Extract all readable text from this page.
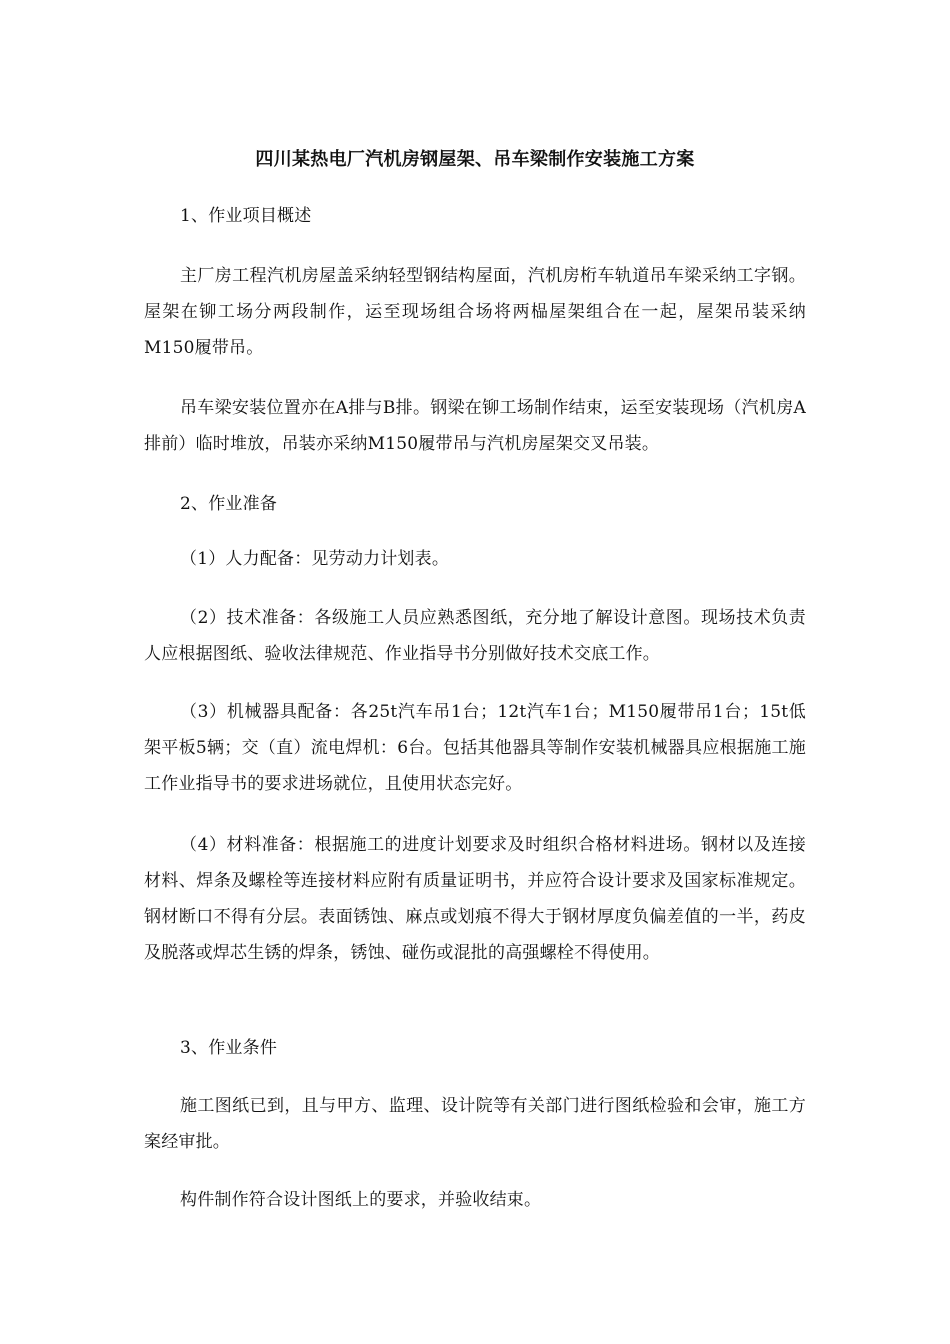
四川某热电厂汽机房钢屋架、吊车梁制作安装施工方案
1、作业项目概述
主厂房工程汽机房屋盖采纳轻型钢结构屋面，汽机房桁车轨道吊车梁采纳工字钢。屋架在铆工场分两段制作，运至现场组合场将两榀屋架组合在一起，屋架吊装采纳M150履带吊。
吊车梁安装位置亦在A排与B排。钢梁在铆工场制作结束，运至安装现场（汽机房A排前）临时堆放，吊装亦采纳M150履带吊与汽机房屋架交叉吊装。
2、作业准备
（1）人力配备：见劳动力计划表。
（2）技术准备：各级施工人员应熟悉图纸，充分地了解设计意图。现场技术负责人应根据图纸、验收法律规范、作业指导书分别做好技术交底工作。
（3）机械器具配备：各25t汽车吊1台；12t汽车1台；M150履带吊1台；15t低架平板5辆；交（直）流电焊机：6台。包括其他器具等制作安装机械器具应根据施工施工作业指导书的要求进场就位，且使用状态完好。
（4）材料准备：根据施工的进度计划要求及时组织合格材料进场。钢材以及连接材料、焊条及螺栓等连接材料应附有质量证明书，并应符合设计要求及国家标准规定。钢材断口不得有分层。表面锈蚀、麻点或划痕不得大于钢材厚度负偏差值的一半，药皮及脱落或焊芯生锈的焊条，锈蚀、碰伤或混批的高强螺栓不得使用。
3、作业条件
施工图纸已到，且与甲方、监理、设计院等有关部门进行图纸检验和会审，施工方案经审批。
构件制作符合设计图纸上的要求，并验收结束。
